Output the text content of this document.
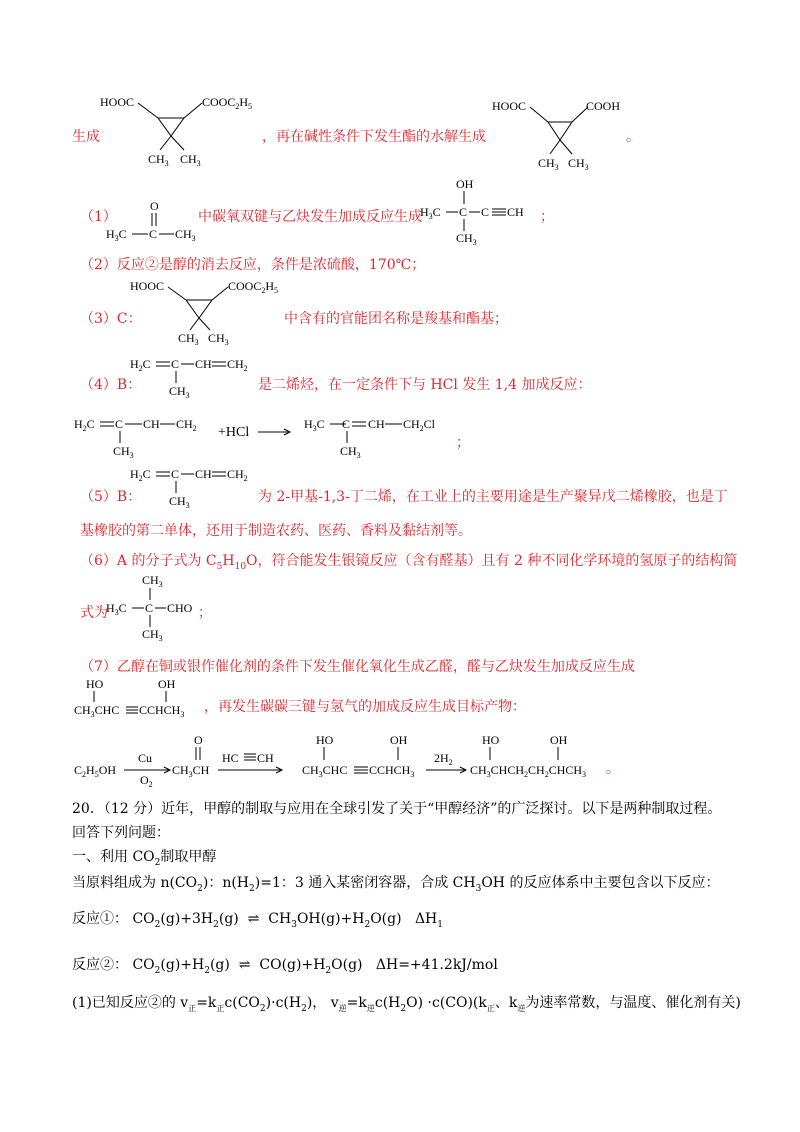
生成
HOOC	$COOC_2H_5$
$CH_3$ $CH_3$
，再在碱性条件下发生酯的水解生成
HOOC	COOH
$CH_3$ $CH_3$
。
（1）
O
$H_3C$ C $CH_3$
中碳氧双键与乙炔发生加成反应生成
OH
$H_3C$ C C CH
$CH_3$
；
（2）反应②是醇的消去反应，条件是浓硫酸，170℃；
（3）C：
HOOC	$COOC_2H_5$
$CH_3$ $CH_3$
中含有的官能团名称是羧基和酯基；
（4）B：
$H_2C$ C CH $CH_2$
$CH_3$
是二烯烃，在一定条件下与 HCl 发生 1,4 加成反应：
$H_2C$ C CH $CH_2$
$CH_3$
+HCl
$H_3C$ C CH $CH_2Cl$
$CH_3$
；
（5）B：
$H_2C$ C CH $CH_2$
$CH_3$
为 2-甲基-1,3-丁二烯，在工业上的主要用途是生产聚异戊二烯橡胶，也是丁
基橡胶的第二单体，还用于制造农药、医药、香料及黏结剂等。
（6）A 的分子式为 $C_5H_{10}O$，符合能发生银镜反应（含有醛基）且有 2 种不同化学环境的氢原子的结构简
式为
$CH_3$
$H_3C$ C CHO
$CH_3$
；
（7）乙醇在铜或银作催化剂的条件下发生催化氧化生成乙醛，醛与乙炔发生加成反应生成
HO	OH
$CH_3CHC$ $CCHCH_3$ ，再发生碳碳三键与氢气的加成反应生成目标产物：
$C_2H_5OH$
Cu
$O_2$
O
$CH_3CH$
HC CH
HO	OH
$CH_3CHC$ $CCHCH_3$
$2H_2$
HO	OH
$CH_3CHCH_2CH_2CHCH_3$ 。
20．（12 分）近年，甲醇的制取与应用在全球引发了关于“甲醇经济”的广泛探讨。以下是两种制取过程。
回答下列问题：
一、利用 $CO_2$制取甲醇
当原料组成为 $n(CO_2)$：$n(H_2)=1$：3 通入某密闭容器，合成 $CH_3OH$ 的反应体系中主要包含以下反应：
反应①： $CO_2(g)+3H_2(g)$ ⇌ $CH_3OH(g)+H_2O(g)$ $\Delta H_1$
反应②： $CO_2(g)+H_2(g)$ ⇌ $CO(g)+H_2O(g)$ ΔH=+41.2kJ/mol
(1)已知反应②的 $v_正=k_正c(CO_2)\cdot c(H_2)$， $v_逆=k_逆c(H_2O) \cdot c(CO)(k_正$、$k_逆$为速率常数，与温度、催化剂有关)
